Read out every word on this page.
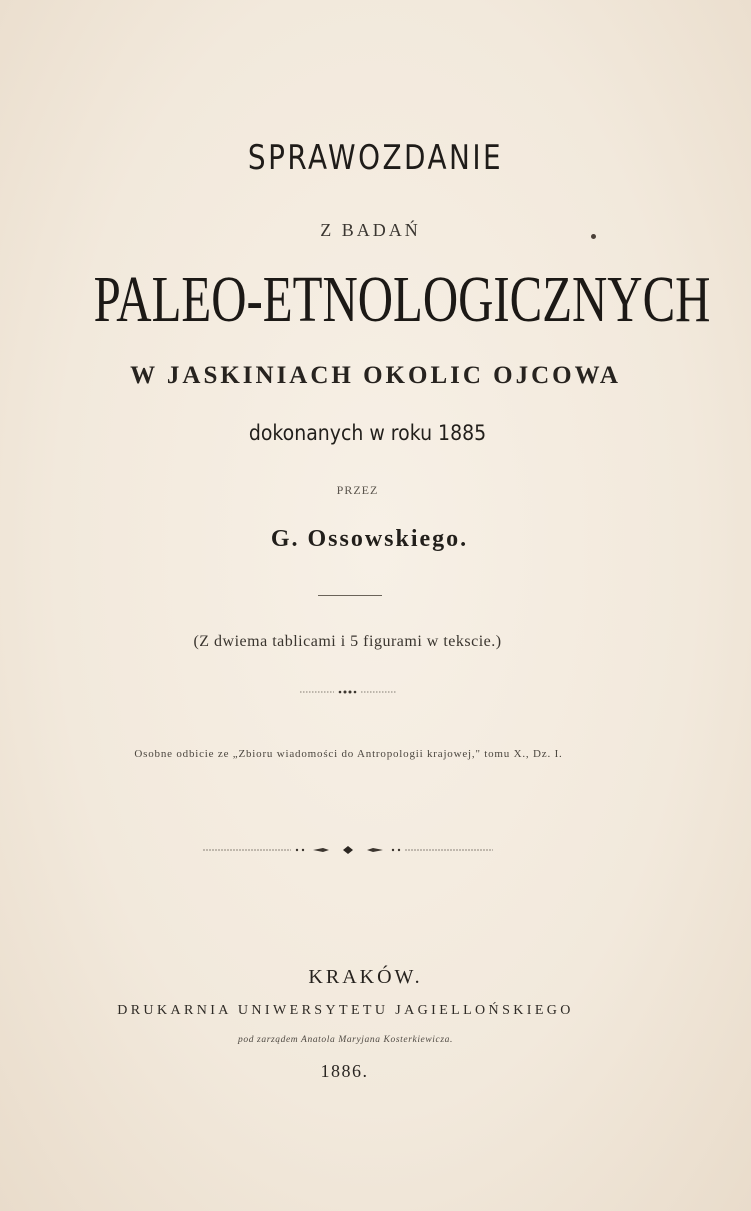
SPRAWOZDANIE
Z BADAŃ
PALEO-ETNOLOGICZNYCH
W JASKINIACH OKOLIC OJCOWA
dokonanych w roku 1885
PRZEZ
G. Ossowskiego.
(Z dwiema tablicami i 5 figurami w tekscie.)
Osobne odbicie ze „Zbioru wiadomości do Antropologii krajowej," tomu X., Dz. I.
KRAKÓW.
DRUKARNIA UNIWERSYTETU JAGIELLOŃSKIEGO
pod zarządem Anatola Maryjana Kosterkiewicza.
1886.
